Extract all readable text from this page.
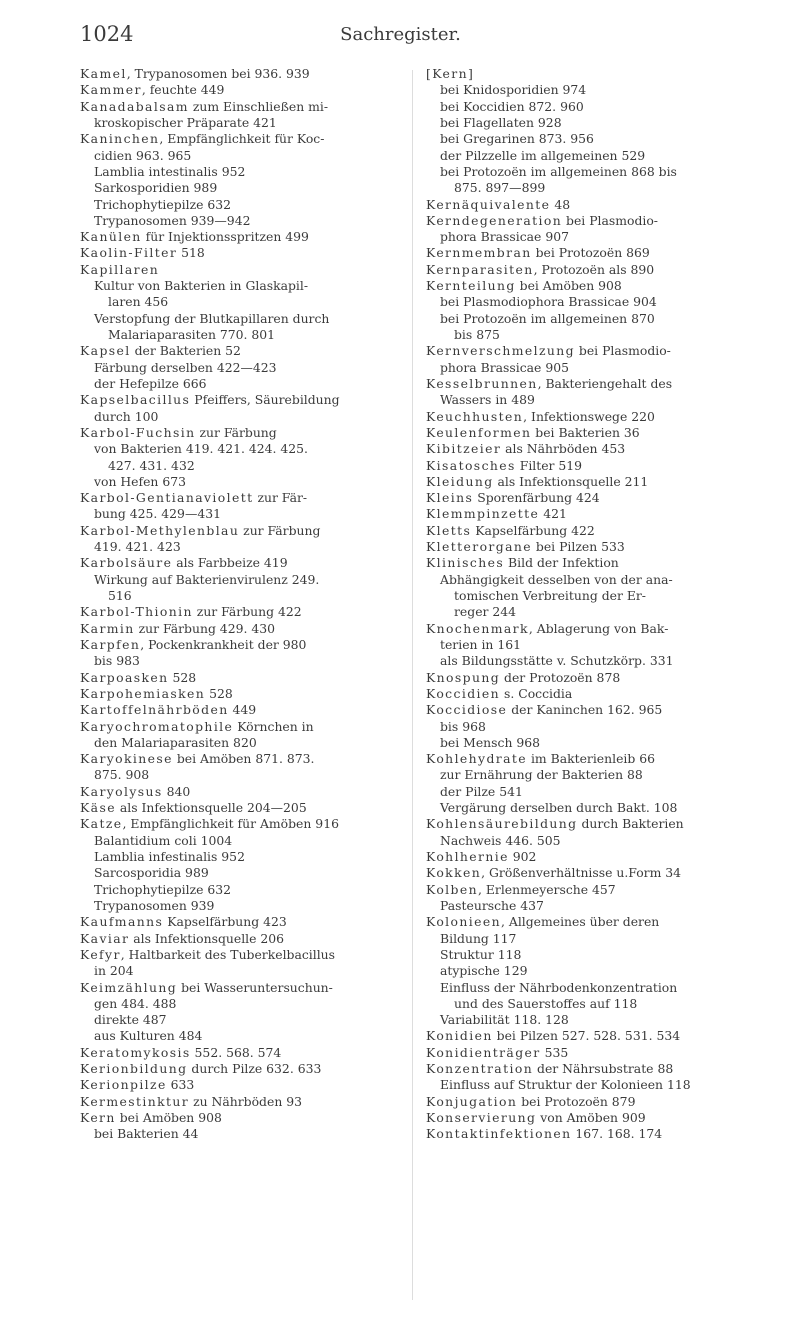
1024	Sachregister.
Kamel, Trypanosomen bei 936. 939
Kammer, feuchte 449
Kanadabalsam zum Einschließen mi-
kroskopischer Präparate 421
Kaninchen, Empfänglichkeit für Koc-
cidien 963. 965
Lamblia intestinalis 952
Sarkosporidien 989
Trichophytiepilze 632
Trypanosomen 939—942
Kanülen für Injektionsspritzen 499
Kaolin-Filter 518
Kapillaren
Kultur von Bakterien in Glaskapil-
laren 456
Verstopfung der Blutkapillaren durch
Malariaparasiten 770. 801
Kapsel der Bakterien 52
Färbung derselben 422—423
der Hefepilze 666
Kapselbacillus Pfeiffers, Säurebildung
durch 100
Karbol-Fuchsin zur Färbung
von Bakterien 419. 421. 424. 425.
427. 431. 432
von Hefen 673
Karbol-Gentianaviolett zur Fär-
bung 425. 429—431
Karbol-Methylenblau zur Färbung
419. 421. 423
Karbolsäure als Farbbeize 419
Wirkung auf Bakterienvirulenz 249.
516
Karbol-Thionin zur Färbung 422
Karmin zur Färbung 429. 430
Karpfen, Pockenkrankheit der 980
bis 983
Karpoasken 528
Karpohemiasken 528
Kartoffelnährböden 449
Karyochromatophile Körnchen in
den Malariaparasiten 820
Karyokinese bei Amöben 871. 873.
875. 908
Karyolysus 840
Käse als Infektionsquelle 204—205
Katze, Empfänglichkeit für Amöben 916
Balantidium coli 1004
Lamblia infestinalis 952
Sarcosporidia 989
Trichophytiepilze 632
Trypanosomen 939
Kaufmanns Kapselfärbung 423
Kaviar als Infektionsquelle 206
Kefyr, Haltbarkeit des Tuberkelbacillus
in 204
Keimzählung bei Wasseruntersuchun-
gen 484. 488
direkte 487
aus Kulturen 484
Keratomykosis 552. 568. 574
Kerionbildung durch Pilze 632. 633
Kerionpilze 633
Kermestinktur zu Nährböden 93
Kern bei Amöben 908
bei Bakterien 44
[Kern]
bei Knidosporidien 974
bei Koccidien 872. 960
bei Flagellaten 928
bei Gregarinen 873. 956
der Pilzzelle im allgemeinen 529
bei Protozoën im allgemeinen 868 bis
875. 897—899
Kernäquivalente 48
Kerndegeneration bei Plasmodio-
phora Brassicae 907
Kernmembran bei Protozoën 869
Kernparasiten, Protozoën als 890
Kernteilung bei Amöben 908
bei Plasmodiophora Brassicae 904
bei Protozoën im allgemeinen 870
bis 875
Kernverschmelzung bei Plasmodio-
phora Brassicae 905
Kesselbrunnen, Bakteriengehalt des
Wassers in 489
Keuchhusten, Infektionswege 220
Keulenformen bei Bakterien 36
Kibitzeier als Nährböden 453
Kisatosches Filter 519
Kleidung als Infektionsquelle 211
Kleins Sporenfärbung 424
Klemmpinzette 421
Kletts Kapselfärbung 422
Kletterorgane bei Pilzen 533
Klinisches Bild der Infektion
Abhängigkeit desselben von der ana-
tomischen Verbreitung der Er-
reger 244
Knochenmark, Ablagerung von Bak-
terien in 161
als Bildungsstätte v. Schutzkörp. 331
Knospung der Protozoën 878
Koccidien s. Coccidia
Koccidiose der Kaninchen 162. 965
bis 968
bei Mensch 968
Kohlehydrate im Bakterienleib 66
zur Ernährung der Bakterien 88
der Pilze 541
Vergärung derselben durch Bakt. 108
Kohlensäurebildung durch Bakterien
Nachweis 446. 505
Kohlhernie 902
Kokken, Größenverhältnisse u.Form 34
Kolben, Erlenmeyersche 457
Pasteursche 437
Kolonieen, Allgemeines über deren
Bildung 117
Struktur 118
atypische 129
Einfluss der Nährbodenkonzentration
und des Sauerstoffes auf 118
Variabilität 118. 128
Konidien bei Pilzen 527. 528. 531. 534
Konidienträger 535
Konzentration der Nährsubstrate 88
Einfluss auf Struktur der Kolonieen 118
Konjugation bei Protozoën 879
Konservierung von Amöben 909
Kontaktinfektionen 167. 168. 174
